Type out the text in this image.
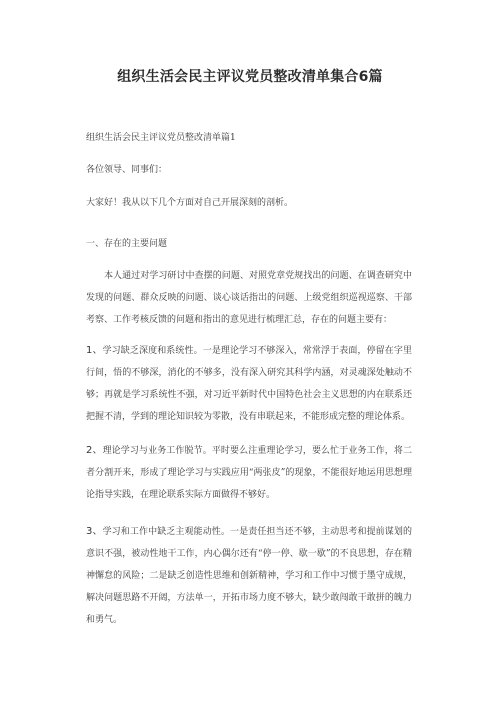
组织生活会民主评议党员整改清单集合6篇

组织生活会民主评议党员整改清单篇1

各位领导、同事们：

大家好！我从以下几个方面对自己开展深刻的剖析。

一、存在的主要问题

本人通过对学习研讨中查摆的问题、对照党章党规找出的问题、在调查研究中发现的问题、群众反映的问题、谈心谈话指出的问题、上级党组织巡视巡察、干部考察、工作考核反馈的问题和指出的意见进行梳理汇总，存在的问题主要有：

1、学习缺乏深度和系统性。一是理论学习不够深入，常常浮于表面，停留在字里行间，悟的不够深，消化的不够多，没有深入研究其科学内涵，对灵魂深处触动不够；再就是学习系统性不强，对习近平新时代中国特色社会主义思想的内在联系还把握不清，学到的理论知识较为零散，没有串联起来，不能形成完整的理论体系。

2、理论学习与业务工作脱节。平时要么注重理论学习，要么忙于业务工作，将二者分割开来，形成了理论学习与实践应用“两张皮”的现象，不能很好地运用思想理论指导实践，在理论联系实际方面做得不够好。

3、学习和工作中缺乏主观能动性。一是责任担当还不够，主动思考和提前谋划的意识不强，被动性地干工作，内心偶尔还有“停一停、歇一歇”的不良思想，存在精神懈怠的风险；二是缺乏创造性思维和创新精神，学习和工作中习惯于墨守成规，解决问题思路不开阔，方法单一，开拓市场力度不够大，缺少敢闯敢干敢拼的魄力和勇气。
